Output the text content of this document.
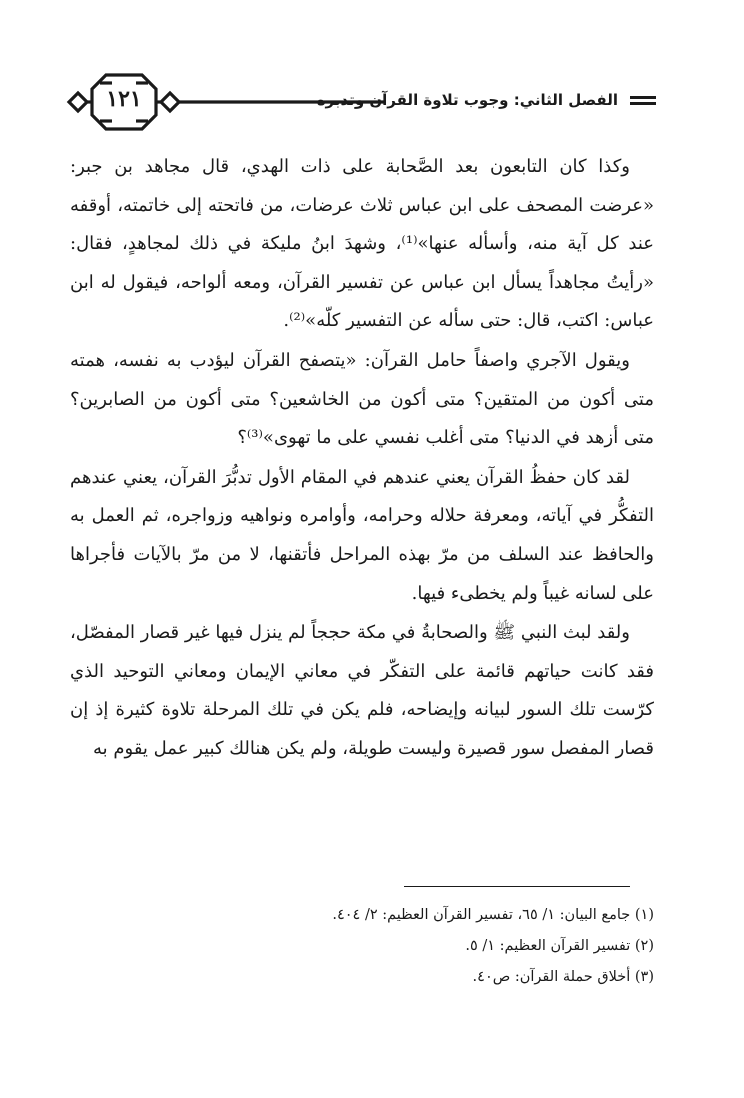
١٢١	الفصل الثاني: وجوب تلاوة القرآن وتدبره

وكذا كان التابعون بعد الصَّحابة على ذات الهدي، قال مجاهد بن جبر: «عرضت المصحف على ابن عباس ثلاث عرضات، من فاتحته إلى خاتمته، أوقفه عند كل آية منه، وأسأله عنها»⁽¹⁾، وشهدَ ابنُ مليكة في ذلك لمجاهدٍ، فقال: «رأيتُ مجاهداً يسأل ابن عباس عن تفسير القرآن، ومعه ألواحه، فيقول له ابن عباس: اكتب، قال: حتى سأله عن التفسير كلّه»⁽²⁾.

ويقول الآجري واصفاً حامل القرآن: «يتصفح القرآن ليؤدب به نفسه، همته متى أكون من المتقين؟ متى أكون من الخاشعين؟ متى أكون من الصابرين؟ متى أزهد في الدنيا؟ متى أغلب نفسي على ما تهوى»⁽³⁾؟

لقد كان حفظُ القرآن يعني عندهم في المقام الأول تدبُّرَ القرآن، يعني عندهم التفكُّر في آياته، ومعرفة حلاله وحرامه، وأوامره ونواهيه وزواجره، ثم العمل به والحافظ عند السلف من مرّ بهذه المراحل فأتقنها، لا من مرّ بالآيات فأجراها على لسانه غيباً ولم يخطىء فيها.

ولقد لبث النبي ﷺ والصحابةُ في مكة حججاً لم ينزل فيها غير قصار المفصّل، فقد كانت حياتهم قائمة على التفكّر في معاني الإيمان ومعاني التوحيد الذي كرّست تلك السور لبيانه وإيضاحه، فلم يكن في تلك المرحلة تلاوة كثيرة إذ إن قصار المفصل سور قصيرة وليست طويلة، ولم يكن هنالك كبير عمل يقوم به

(١) جامع البيان: ١/ ٦٥، تفسير القرآن العظيم: ٢/ ٤٠٤.
(٢) تفسير القرآن العظيم: ١/ ٥.
(٣) أخلاق حملة القرآن: ص٤٠.
